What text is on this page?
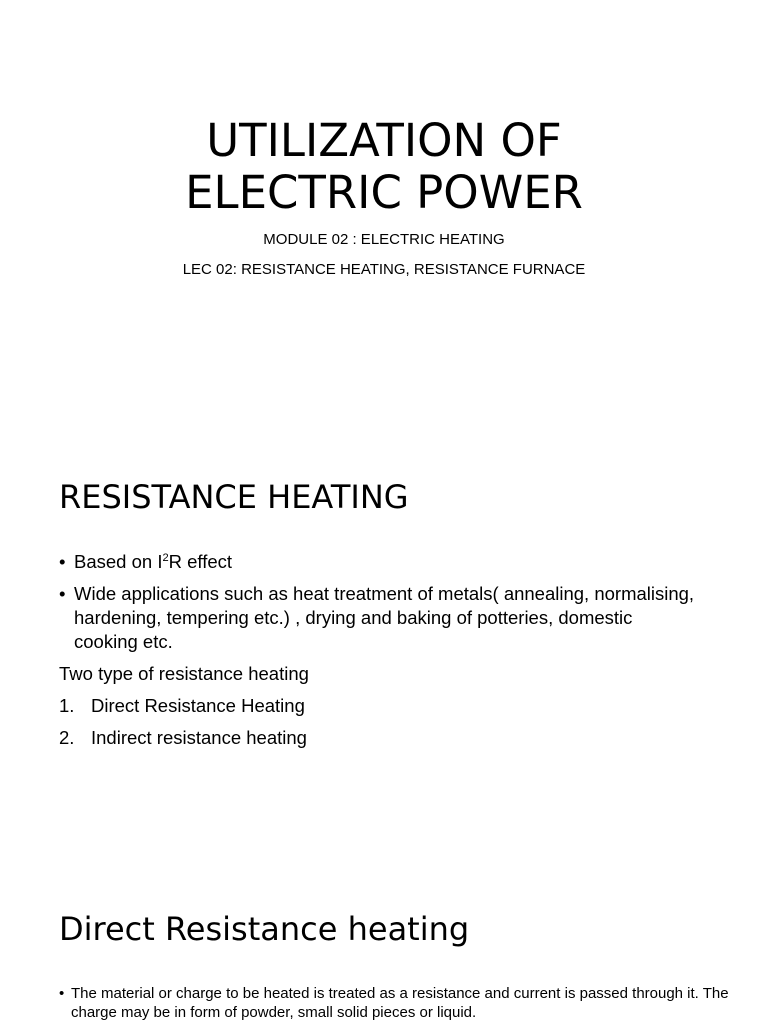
UTILIZATION OF
ELECTRIC POWER
MODULE 02 : ELECTRIC HEATING
LEC 02: RESISTANCE HEATING, RESISTANCE FURNACE
RESISTANCE HEATING
• Based on $I^2R$ effect
• Wide applications such as heat treatment of metals( annealing, normalising, hardening, tempering etc.) , drying and baking of potteries, domestic cooking etc.
Two type of resistance heating
1. Direct Resistance Heating
2. Indirect resistance heating
Direct Resistance heating
• The material or charge to be heated is treated as a resistance and current is passed through it. The charge may be in form of powder, small solid pieces or liquid.
